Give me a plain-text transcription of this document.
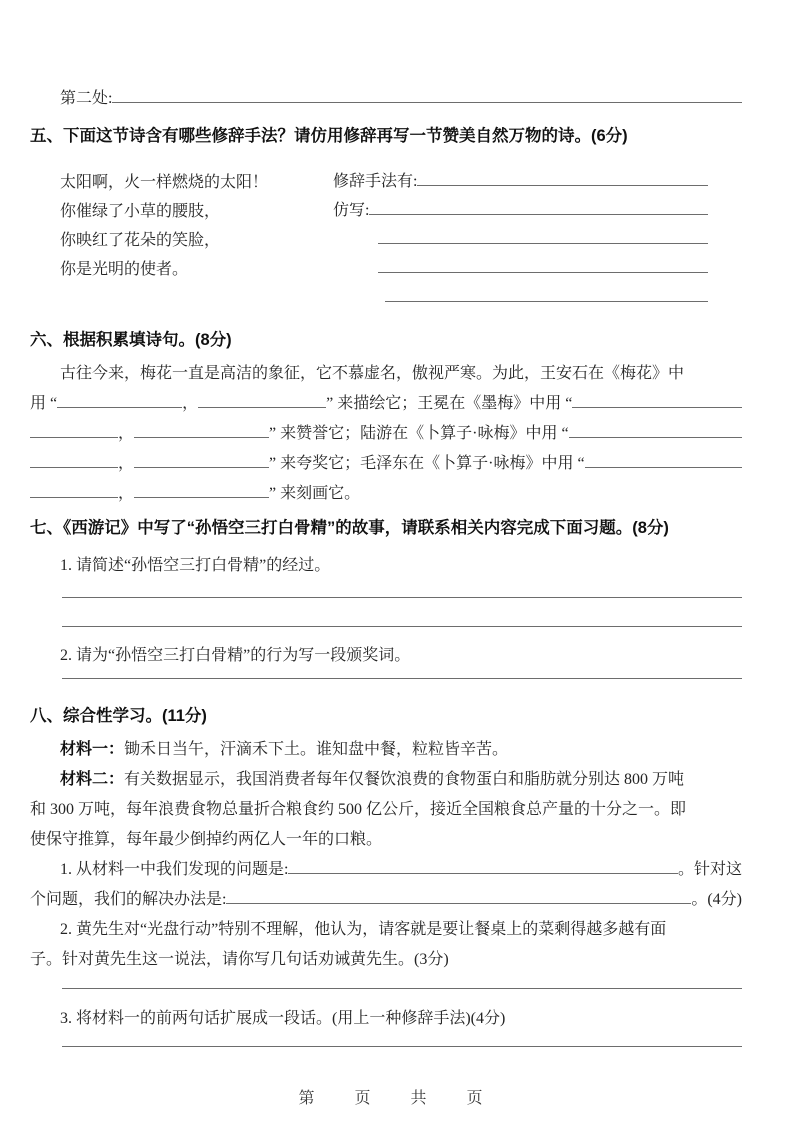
第二处:
五、下面这节诗含有哪些修辞手法？请仿用修辞再写一节赞美自然万物的诗。(6分)
太阳啊，火一样燃烧的太阳！
你催绿了小草的腰肢，
你映红了花朵的笑脸，
你是光明的使者。
修辞手法有:
仿写:
六、根据积累填诗句。(8分)
古往今来，梅花一直是高洁的象征，它不慕虚名，傲视严寒。为此，王安石在《梅花》中
用 “	，	” 来描绘它；王冕在《墨梅》中用 “
，	” 来赞誉它；陆游在《卜算子·咏梅》中用 “
，	” 来夸奖它；毛泽东在《卜算子·咏梅》中用 “
，	” 来刻画它。
七、《西游记》中写了“孙悟空三打白骨精”的故事，请联系相关内容完成下面习题。(8分)
1. 请简述“孙悟空三打白骨精”的经过。
2. 请为“孙悟空三打白骨精”的行为写一段颁奖词。
八、综合性学习。(11分)
材料一： 锄禾日当午，汗滴禾下土。谁知盘中餐，粒粒皆辛苦。
材料二： 有关数据显示，我国消费者每年仅餐饮浪费的食物蛋白和脂肪就分别达 800 万吨
和 300 万吨，每年浪费食物总量折合粮食约 500 亿公斤，接近全国粮食总产量的十分之一。即
使保守推算，每年最少倒掉约两亿人一年的口粮。
1. 从材料一中我们发现的问题是:	。针对这
个问题，我们的解决办法是:	。(4分)
2. 黄先生对“光盘行动”特别不理解，他认为，请客就是要让餐桌上的菜剩得越多越有面
子。针对黄先生这一说法，请你写几句话劝诫黄先生。(3分)
3. 将材料一的前两句话扩展成一段话。(用上一种修辞手法)(4分)
第　页　共　页
